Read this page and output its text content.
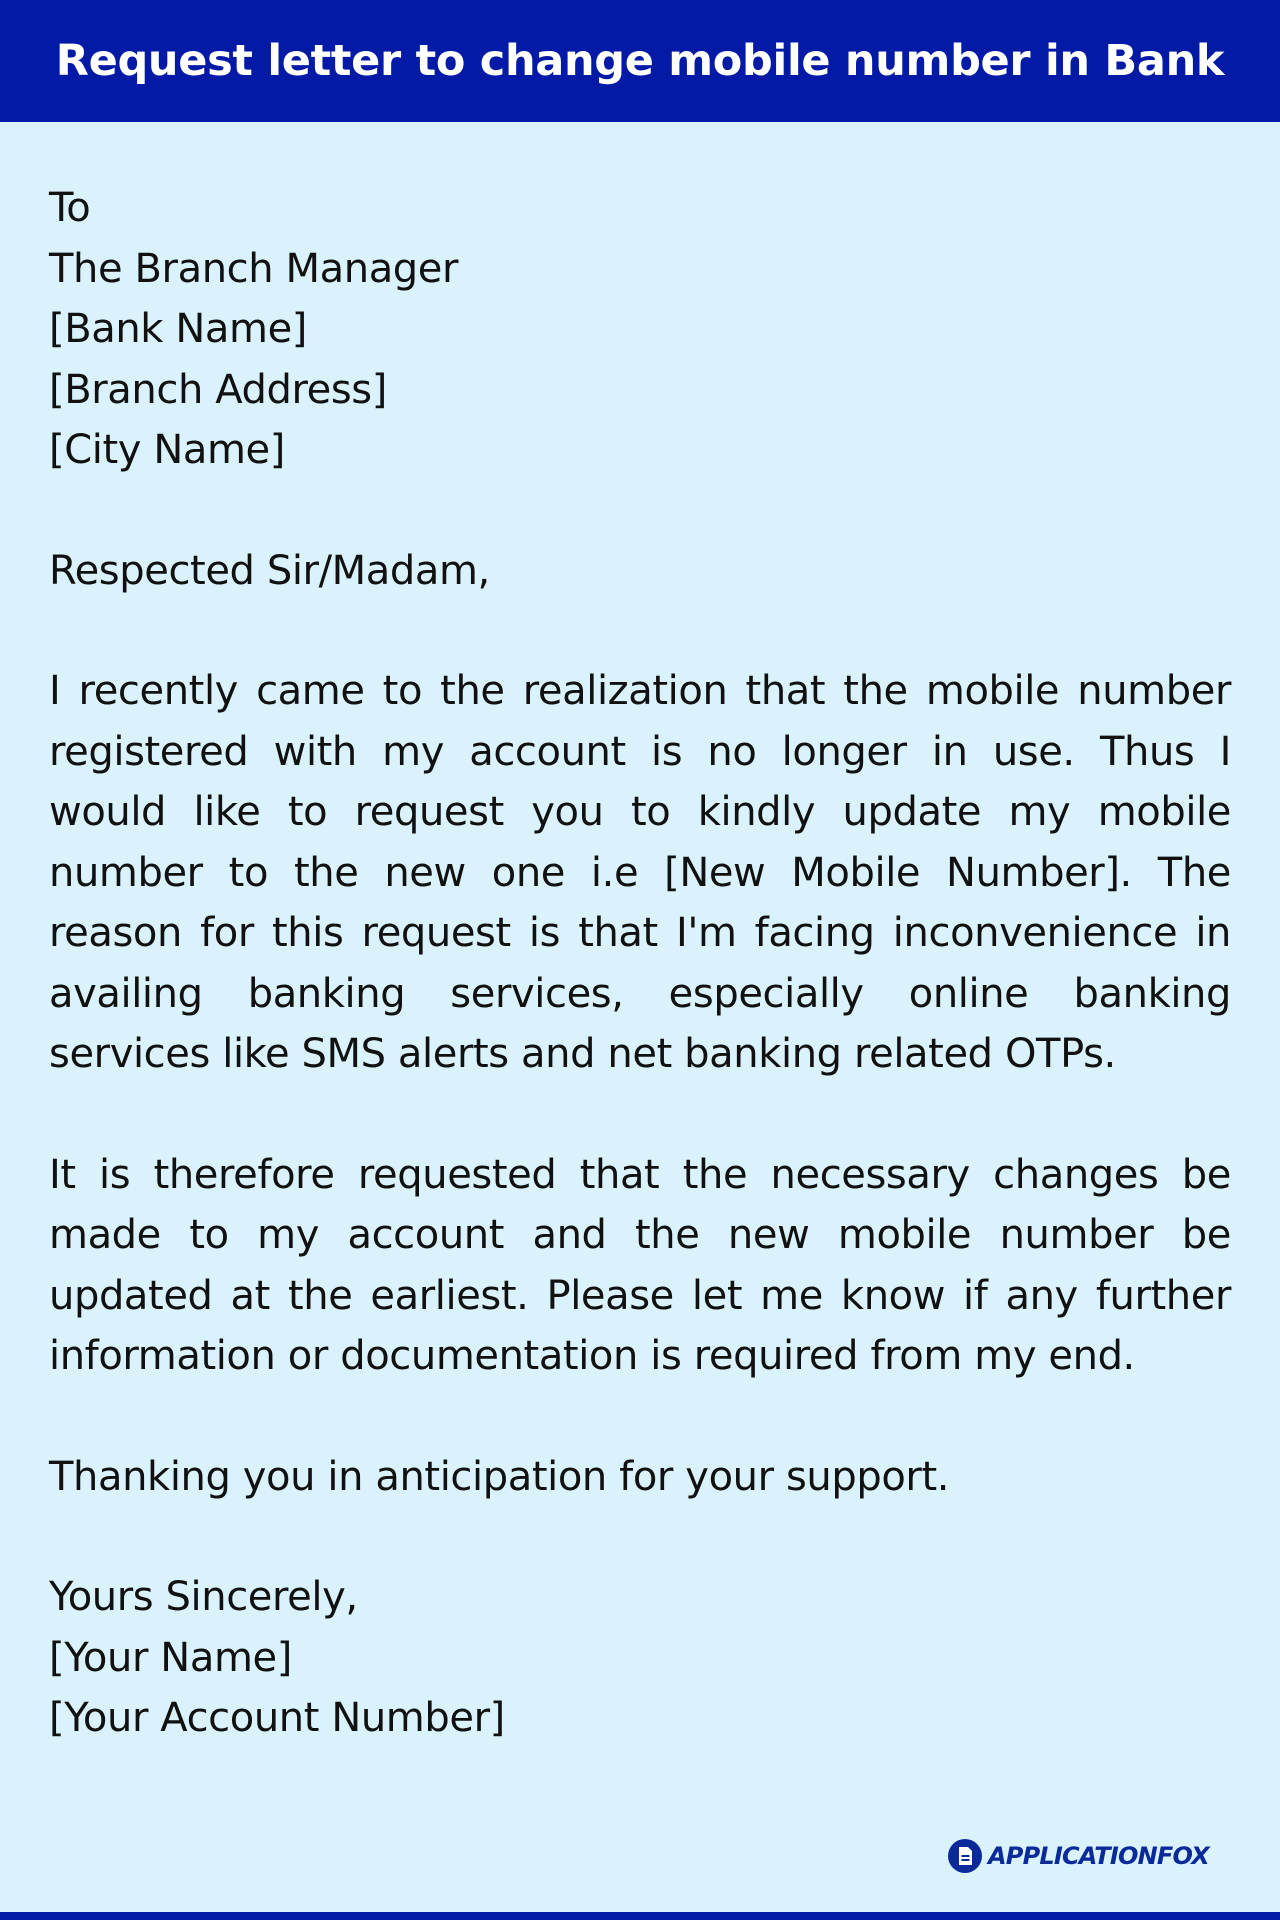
Request letter to change mobile number in Bank
To
The Branch Manager
[Bank Name]
[Branch Address]
[City Name]
Respected Sir/Madam,

I recently came to the realization that the mobile number registered with my account is no longer in use. Thus I would like to request you to kindly update my mobile number to the new one i.e [New Mobile Number]. The reason for this request is that I'm facing inconvenience in availing banking services, especially online banking services like SMS alerts and net banking related OTPs.

It is therefore requested that the necessary changes be made to my account and the new mobile number be updated at the earliest. Please let me know if any further information or documentation is required from my end.

Thanking you in anticipation for your support.
Yours Sincerely,
[Your Name]
[Your Account Number]
APPLICATIONFOX
